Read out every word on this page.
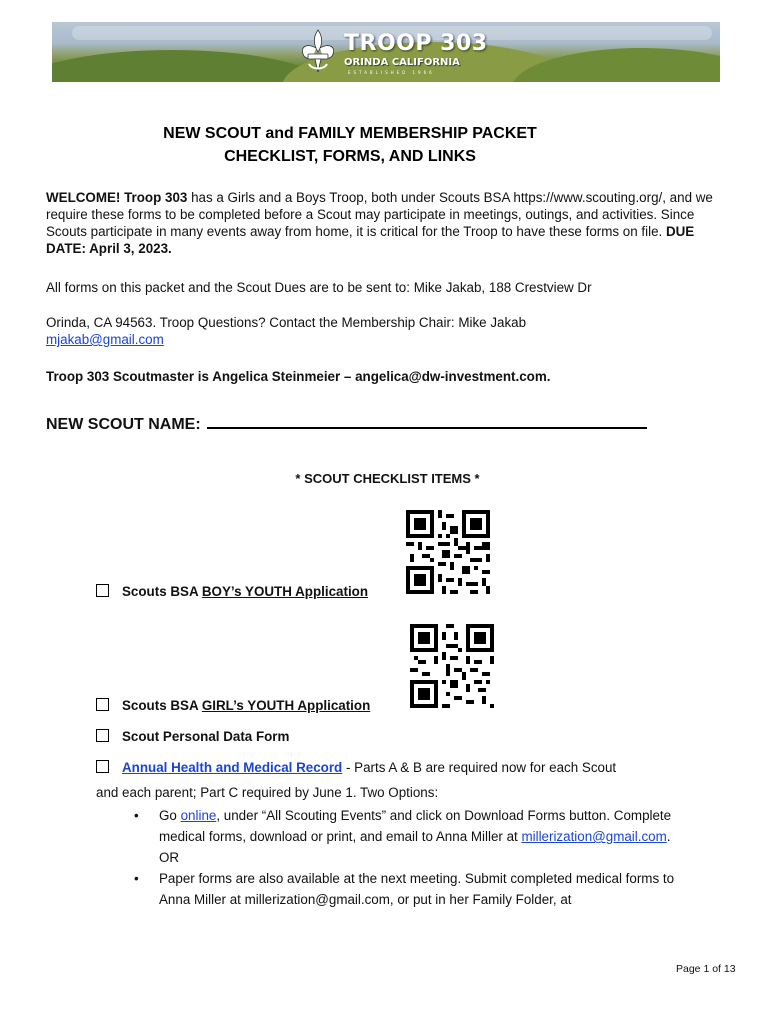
TROOP 303
ORINDA CALIFORNIA
ESTABLISHED 1966
NEW SCOUT and FAMILY MEMBERSHIP PACKET
CHECKLIST, FORMS, AND LINKS
WELCOME! Troop 303 has a Girls and a Boys Troop, both under Scouts BSA https://www.scouting.org/, and we require these forms to be completed before a Scout may participate in meetings, outings, and activities. Since Scouts participate in many events away from home, it is critical for the Troop to have these forms on file. DUE DATE: April 3, 2023.
All forms on this packet and the Scout Dues are to be sent to: Mike Jakab, 188 Crestview Dr
Orinda, CA 94563. Troop Questions? Contact the Membership Chair: Mike Jakab
mjakab@gmail.com
Troop 303 Scoutmaster is Angelica Steinmeier – angelica@dw-investment.com.
NEW SCOUT NAME:
* SCOUT CHECKLIST ITEMS *
Scouts BSA BOY’s YOUTH Application
Scouts BSA GIRL’s YOUTH Application
Scout Personal Data Form
Annual Health and Medical Record - Parts A & B are required now for each Scout
and each parent; Part C required by June 1. Two Options:
• Go online, under “All Scouting Events” and click on Download Forms button. Complete medical forms, download or print, and email to Anna Miller at millerization@gmail.com. OR
• Paper forms are also available at the next meeting. Submit completed medical forms to Anna Miller at millerization@gmail.com, or put in her Family Folder, at
Page 1 of 13
